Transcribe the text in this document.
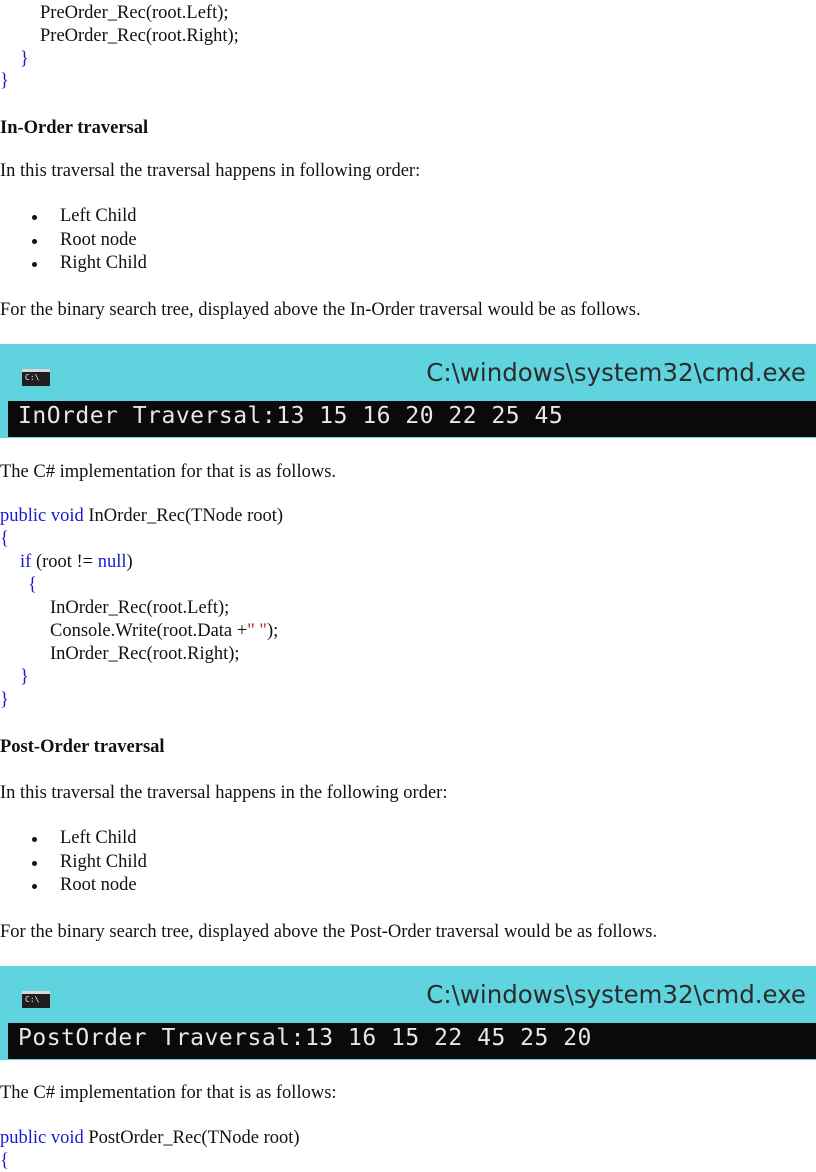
PreOrder_Rec(root.Left);
PreOrder_Rec(root.Right);
}
}
In-Order traversal
In this traversal the traversal happens in following order:
Left Child
Root node
Right Child
For the binary search tree, displayed above the In-Order traversal would be as follows.
C:\	C:\windows\system32\cmd.exe
InOrder Traversal:13 15 16 20 22 25 45
The C# implementation for that is as follows.
public void InOrder_Rec(TNode root)
{
if (root != null)
{
InOrder_Rec(root.Left);
Console.Write(root.Data +" ");
InOrder_Rec(root.Right);
}
}
Post-Order traversal
In this traversal the traversal happens in the following order:
Left Child
Right Child
Root node
For the binary search tree, displayed above the Post-Order traversal would be as follows.
C:\	C:\windows\system32\cmd.exe
PostOrder Traversal:13 16 15 22 45 25 20
The C# implementation for that is as follows:
public void PostOrder_Rec(TNode root)
{
